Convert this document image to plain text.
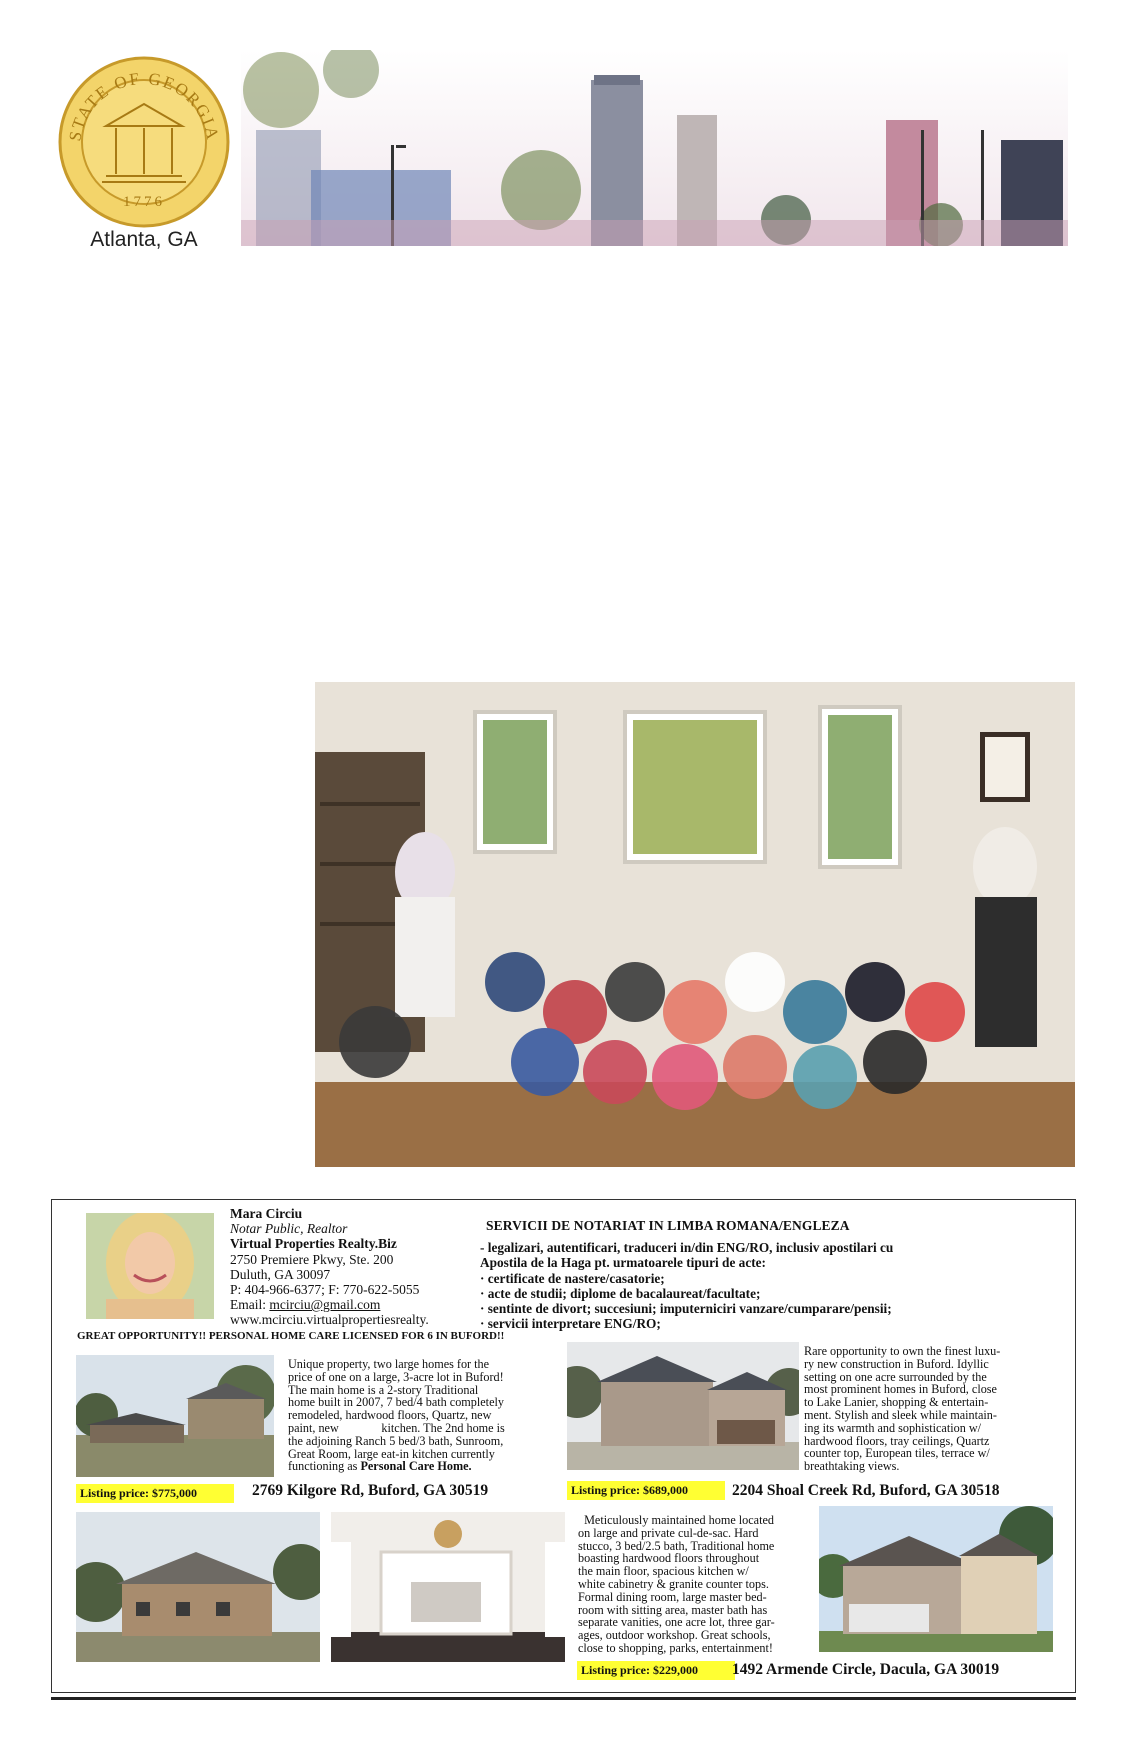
STATE OF GEORGIA
1776
Atlanta, GA
Mara Circiu
Notar Public, Realtor
Virtual Properties Realty.Biz
2750 Premiere Pkwy, Ste. 200
Duluth, GA 30097
P: 404-966-6377; F: 770-622-5055
Email: mcirciu@gmail.com
www.mcirciu.virtualpropertiesrealty.
SERVICII DE NOTARIAT IN LIMBA ROMANA/ENGLEZA
- legalizari, autentificari, traduceri in/din ENG/RO, inclusiv apostilari cu
Apostila de la Haga pt. urmatoarele tipuri de acte:
· certificate de nastere/casatorie;
· acte de studii; diplome de bacalaureat/facultate;
· sentinte de divort; succesiuni; imputerniciri vanzare/cumparare/pensii;
· servicii interpretare ENG/RO;
GREAT OPPORTUNITY!! PERSONAL HOME CARE LICENSED FOR 6 IN BUFORD!!
Unique property, two large homes for the
price of one on a large, 3-acre lot in Buford!
The main home is a 2-story Traditional
home built in 2007, 7 bed/4 bath completely
remodeled, hardwood floors, Quartz, new
paint, new              kitchen. The 2nd home is
the adjoining Ranch 5 bed/3 bath, Sunroom,
Great Room, large eat-in kitchen currently
functioning as Personal Care Home.
Listing price: $775,000	2769 Kilgore Rd, Buford, GA 30519
Rare opportunity to own the finest luxu-
ry new construction in Buford. Idyllic
setting on one acre surrounded by the
most prominent homes in Buford, close
to Lake Lanier, shopping & entertain-
ment. Stylish and sleek while maintain-
ing its warmth and sophistication w/
hardwood floors, tray ceilings, Quartz
counter top, European tiles, terrace w/
breathtaking views.
Listing price: $689,000	2204 Shoal Creek Rd, Buford, GA 30518
Meticulously maintained home located
on large and private cul-de-sac. Hard
stucco, 3 bed/2.5 bath, Traditional home
boasting hardwood floors throughout
the main floor, spacious kitchen w/
white cabinetry & granite counter tops.
Formal dining room, large master bed-
room with sitting area, master bath has
separate vanities, one acre lot, three gar-
ages, outdoor workshop. Great schools,
close to shopping, parks, entertainment!
Listing price: $229,000	1492 Armende Circle, Dacula, GA 30019
